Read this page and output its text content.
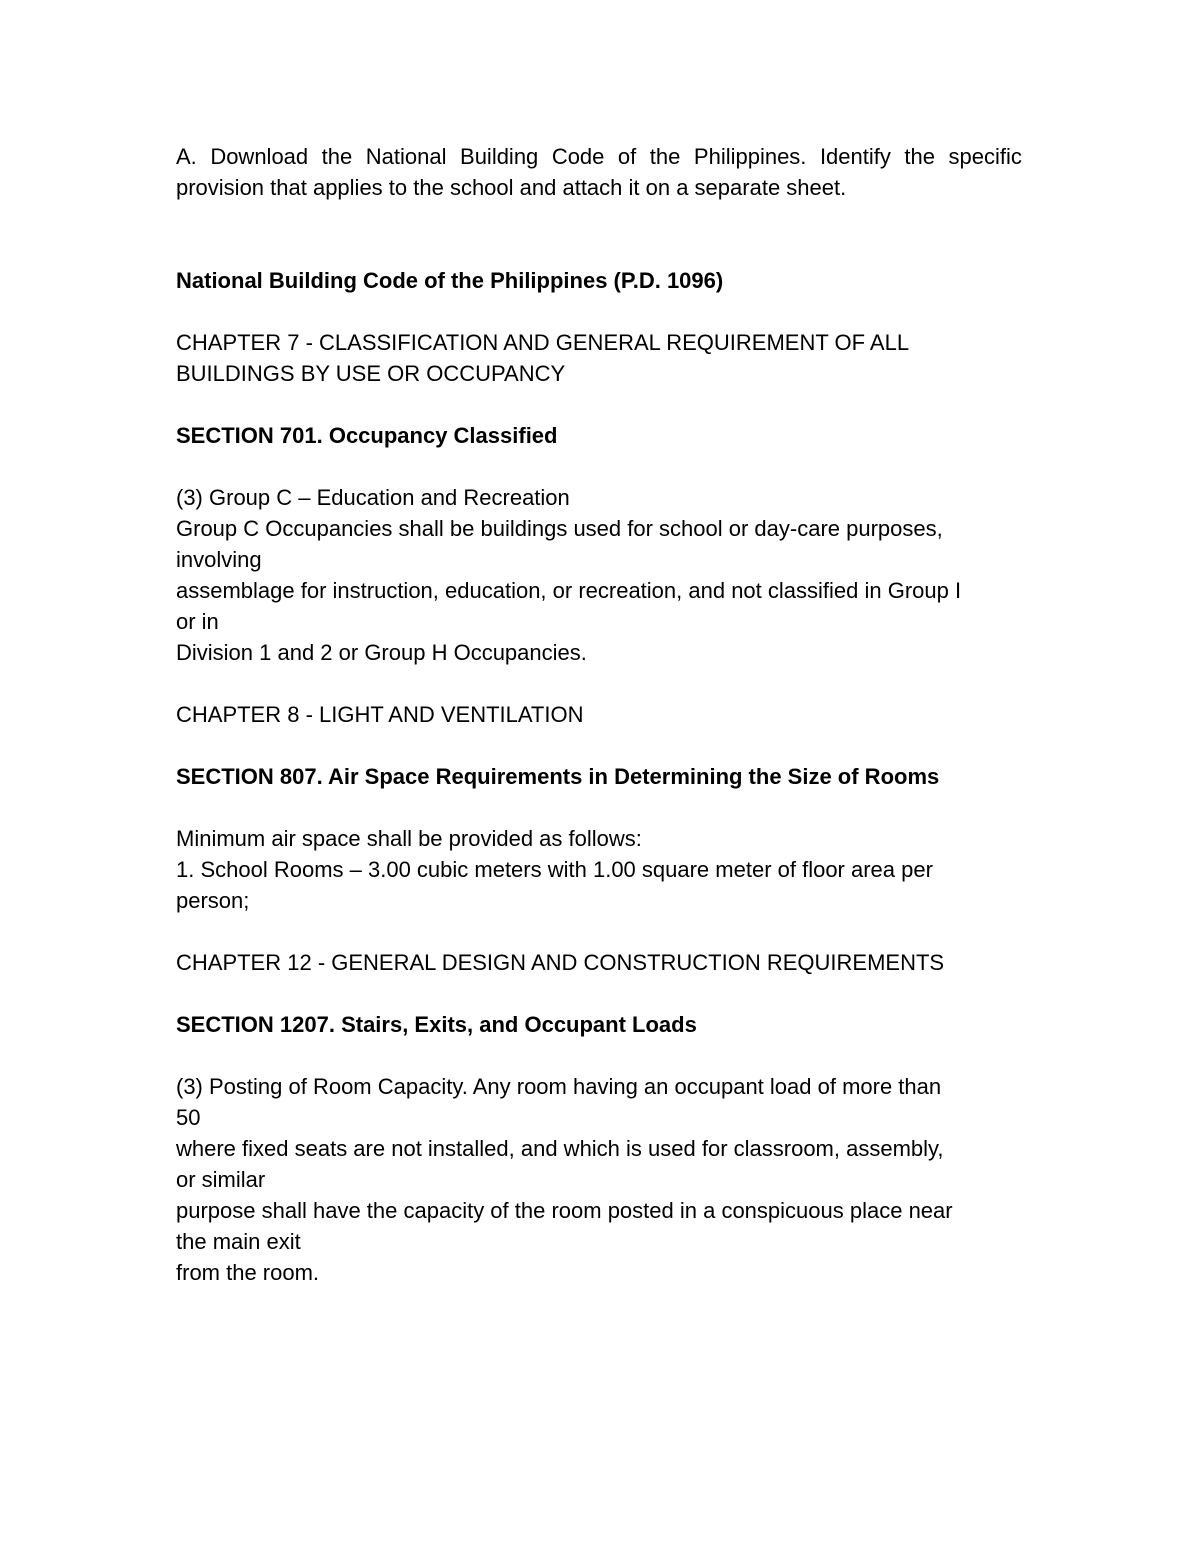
A. Download the National Building Code of the Philippines. Identify the specific
provision that applies to the school and attach it on a separate sheet.
National Building Code of the Philippines (P.D. 1096)
CHAPTER 7 - CLASSIFICATION AND GENERAL REQUIREMENT OF ALL
BUILDINGS BY USE OR OCCUPANCY
SECTION 701. Occupancy Classified
(3) Group C – Education and Recreation
Group C Occupancies shall be buildings used for school or day-care purposes,
involving
assemblage for instruction, education, or recreation, and not classified in Group I
or in
Division 1 and 2 or Group H Occupancies.
CHAPTER 8 - LIGHT AND VENTILATION
SECTION 807. Air Space Requirements in Determining the Size of Rooms
Minimum air space shall be provided as follows:
1. School Rooms – 3.00 cubic meters with 1.00 square meter of floor area per
person;
CHAPTER 12 - GENERAL DESIGN AND CONSTRUCTION REQUIREMENTS
SECTION 1207. Stairs, Exits, and Occupant Loads
(3) Posting of Room Capacity. Any room having an occupant load of more than
50
where fixed seats are not installed, and which is used for classroom, assembly,
or similar
purpose shall have the capacity of the room posted in a conspicuous place near
the main exit
from the room.
